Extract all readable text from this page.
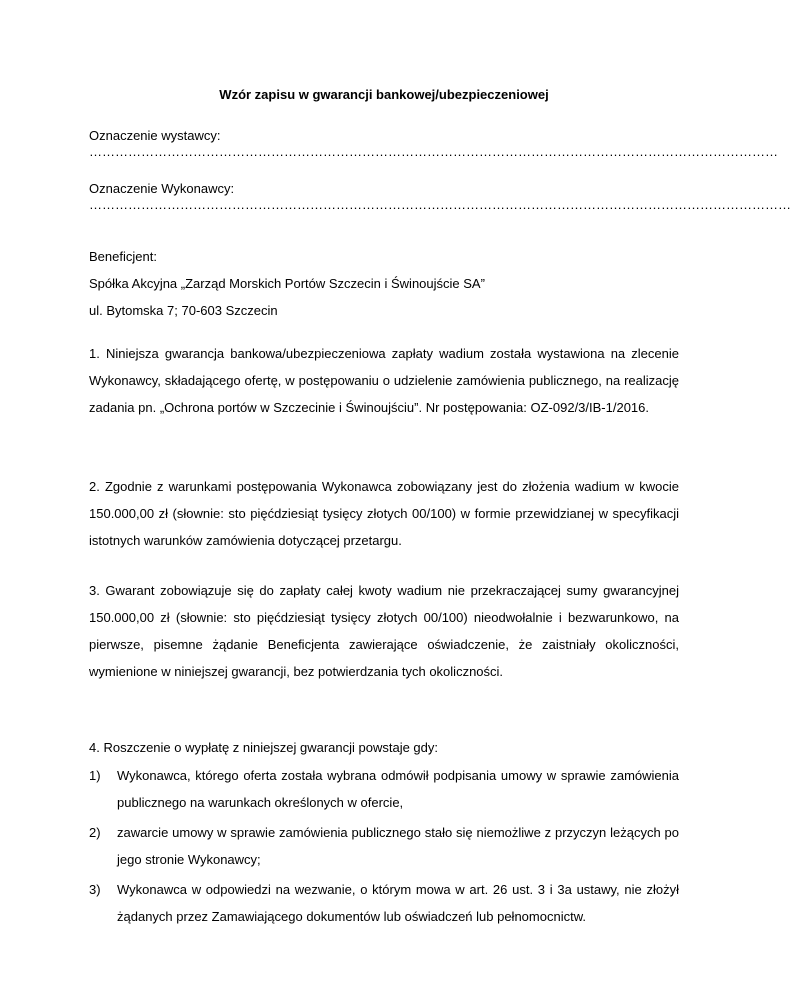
Wzór zapisu w gwarancji bankowej/ubezpieczeniowej
Oznaczenie wystawcy:
……………………………………………………………………………………………………………………………………………
Oznaczenie Wykonawcy:
………………………………………………………………………………………………………………………………………………
Beneficjent:
Spółka Akcyjna „Zarząd Morskich Portów Szczecin i Świnoujście SA”
ul. Bytomska 7; 70-603 Szczecin
1. Niniejsza gwarancja bankowa/ubezpieczeniowa zapłaty wadium została wystawiona na zlecenie Wykonawcy, składającego ofertę, w postępowaniu o udzielenie zamówienia publicznego, na realizację zadania pn. „Ochrona portów w Szczecinie i Świnoujściu”. Nr postępowania: OZ-092/3/IB-1/2016.
2. Zgodnie z warunkami postępowania Wykonawca zobowiązany jest do złożenia wadium w kwocie 150.000,00 zł (słownie: sto pięćdziesiąt tysięcy złotych 00/100) w formie przewidzianej w specyfikacji istotnych warunków zamówienia dotyczącej przetargu.
3. Gwarant zobowiązuje się do zapłaty całej kwoty wadium nie przekraczającej sumy gwarancyjnej 150.000,00 zł (słownie: sto pięćdziesiąt tysięcy złotych 00/100) nieodwołalnie i bezwarunkowo, na pierwsze, pisemne żądanie Beneficjenta zawierające oświadczenie, że zaistniały okoliczności, wymienione w niniejszej gwarancji, bez potwierdzania tych okoliczności.
4. Roszczenie o wypłatę z niniejszej gwarancji powstaje gdy:
1) Wykonawca, którego oferta została wybrana odmówił podpisania umowy w sprawie zamówienia publicznego na warunkach określonych w ofercie,
2) zawarcie umowy w sprawie zamówienia publicznego stało się niemożliwe z przyczyn leżących po jego stronie Wykonawcy;
3) Wykonawca w odpowiedzi na wezwanie, o którym mowa w art. 26 ust. 3 i 3a ustawy, nie złożył żądanych przez Zamawiającego dokumentów lub oświadczeń lub pełnomocnictw.
